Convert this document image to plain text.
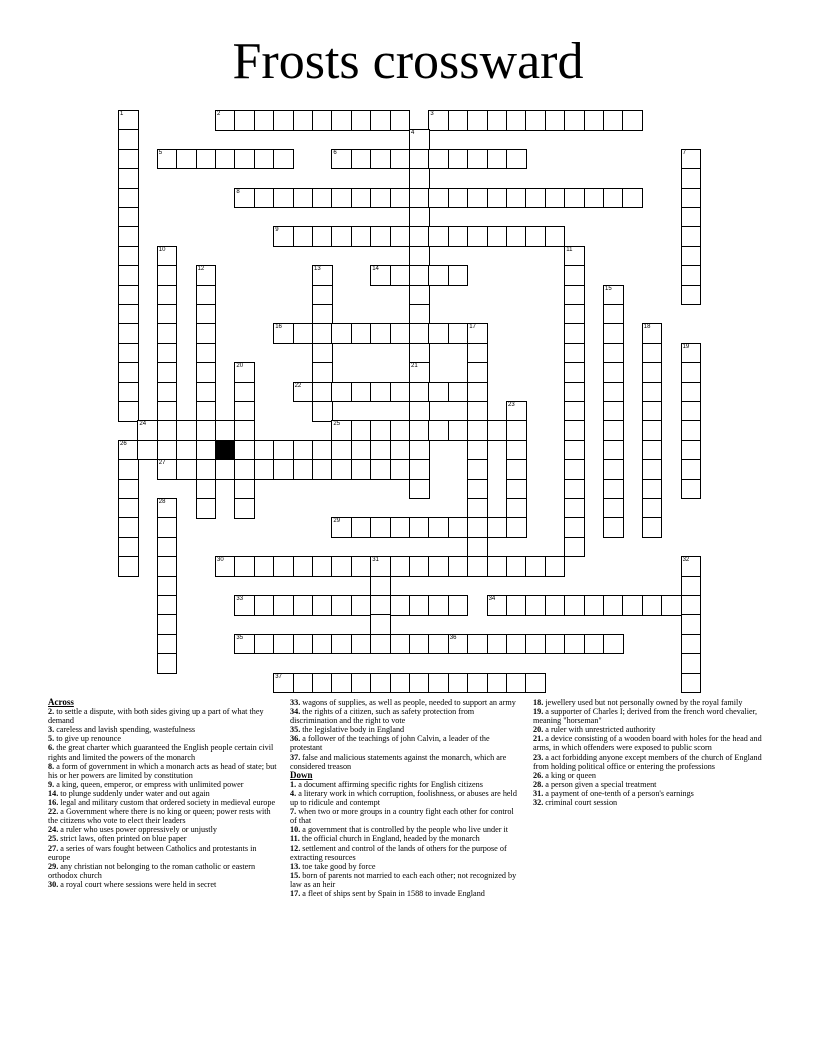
Frosts crossward
1	2	3
4
5	6	7
8
9
10	11
12	13	14
15
16	17	18
19
20	21
22
23
24	25
26
27
28
29
30	31	32
33	34
35	36
37
Across
2. to settle a dispute, with both sides giving up a part of what they demand
3. careless and lavish spending, wastefulness
5. to give up renounce
6. the great charter which guaranteed the English people certain civil rights and limited the powers of the monarch
8. a form of government in which a monarch acts as head of state; but his or her powers are limited by constitution
9. a king, queen, emperor, or empress with unlimited power
14. to plunge suddenly under water and out again
16. legal and military custom that ordered society in medieval europe
22. a Government where there is no king or queen; power rests with the citizens who vote to elect their leaders
24. a ruler who uses power oppressively or unjustly
25. strict laws, often printed on blue paper
27. a series of wars fought between Catholics and protestants in europe
29. any christian not belonging to the roman catholic or eastern orthodox church
30. a royal court where sessions were held in secret
33. wagons of supplies, as well as people, needed to support an army
34. the rights of a citizen, such as safety protection from discrimination and the right to vote
35. the legislative body in England
36. a follower of the teachings of john Calvin, a leader of the protestant
37. false and malicious statements against the monarch, which are considered treason
Down
1. a document affirming specific rights for English citizens
4. a literary work in which corruption, foolishness, or abuses are held up to ridicule and contempt
7. when two or more groups in a country fight each other for control of that
10. a government that is controlled by the people who live under it
11. the official church in England, headed by the monarch
12. settlement and control of the lands of others for the purpose of extracting resources
13. toe take good by force
15. born of parents not married to each each other; not recognized by law as an heir
17. a fleet of ships sent by Spain in 1588 to invade England
18. jewellery used but not personally owned by the royal family
19. a supporter of Charles I; derived from the french word chevalier, meaning "horseman"
20. a ruler with unrestricted authority
21. a device consisting of a wooden board with holes for the head and arms, in which offenders were exposed to public scorn
23. a act forbidding anyone except members of the church of England from holding political office or entering the professions
26. a king or queen
28. a person given a special treatment
31. a payment of one-tenth of a person's earnings
32. criminal court session
